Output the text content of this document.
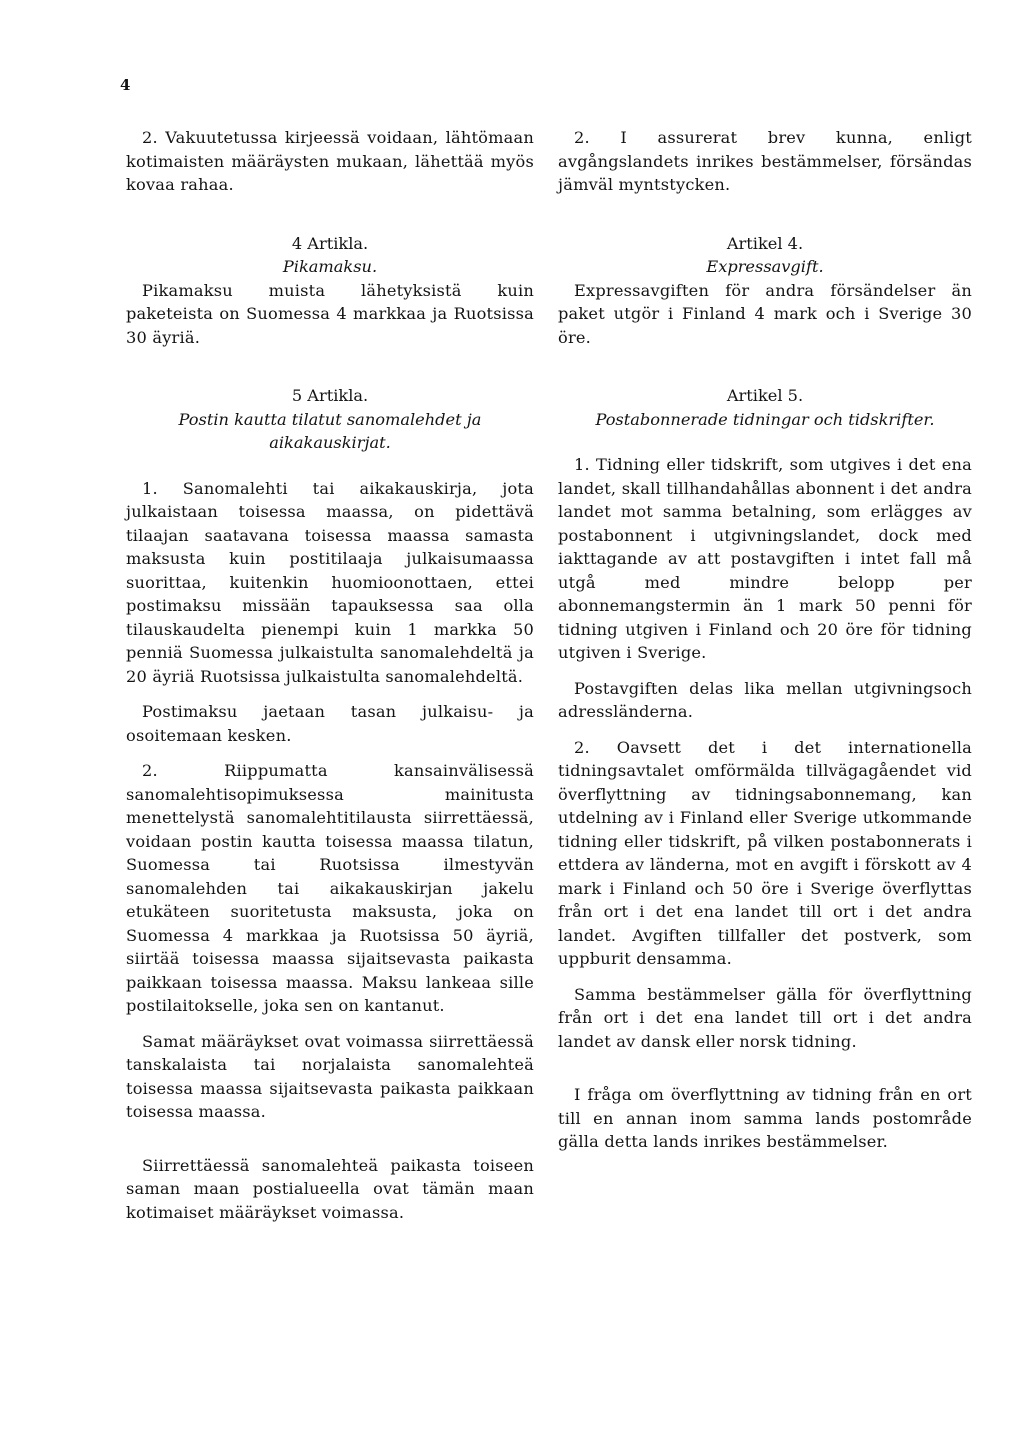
4

2. Vakuutetussa kirjeessä voidaan, lähtömaan kotimaisten määräysten mukaan, lähettää myös kovaa rahaa.

4 Artikla.
Pikamaksu.

Pikamaksu muista lähetyksistä kuin paketeista on Suomessa 4 markkaa ja Ruotsissa 30 äyriä.

5 Artikla.
Postin kautta tilatut sanomalehdet ja aikakauskirjat.

1. Sanomalehti tai aikakauskirja, jota julkaistaan toisessa maassa, on pidettävä tilaajan saatavana toisessa maassa samasta maksusta kuin postitilaaja julkaisumaassa suorittaa, kuitenkin huomioonottaen, ettei postimaksu missään tapauksessa saa olla tilauskaudelta pienempi kuin 1 markka 50 penniä Suomessa julkaistulta sanomalehdeltä ja 20 äyriä Ruotsissa julkaistulta sanomalehdeltä.

Postimaksu jaetaan tasan julkaisu- ja osoitemaan kesken.

2. Riippumatta kansainvälisessä sanomalehtisopimuksessa mainitusta menettelystä sanomalehtitilausta siirrettäessä, voidaan postin kautta toisessa maassa tilatun, Suomessa tai Ruotsissa ilmestyvän sanomalehden tai aikakauskirjan jakelu etukäteen suoritetusta maksusta, joka on Suomessa 4 markkaa ja Ruotsissa 50 äyriä, siirtää toisessa maassa sijaitsevasta paikasta paikkaan toisessa maassa. Maksu lankeaa sille postilaitokselle, joka sen on kantanut.

Samat määräykset ovat voimassa siirrettäessä tanskalaista tai norjalaista sanomalehteä toisessa maassa sijaitsevasta paikasta paikkaan toisessa maassa.

Siirrettäessä sanomalehteä paikasta toiseen saman maan postialueella ovat tämän maan kotimaiset määräykset voimassa.

2. I assurerat brev kunna, enligt avgångslandets inrikes bestämmelser, försändas jämväl myntstycken.

Artikel 4.
Expressavgift.

Expressavgiften för andra försändelser än paket utgör i Finland 4 mark och i Sverige 30 öre.

Artikel 5.
Postabonnerade tidningar och tidskrifter.

1. Tidning eller tidskrift, som utgives i det ena landet, skall tillhandahållas abonnent i det andra landet mot samma betalning, som erlägges av postabonnent i utgivningslandet, dock med iakttagande av att postavgiften i intet fall må utgå med mindre belopp per abonnemangstermin än 1 mark 50 penni för tidning utgiven i Finland och 20 öre för tidning utgiven i Sverige.

Postavgiften delas lika mellan utgivningsoch adressländerna.

2. Oavsett det i det internationella tidningsavtalet omförmälda tillvägagåendet vid överflyttning av tidningsabonnemang, kan utdelning av i Finland eller Sverige utkommande tidning eller tidskrift, på vilken postabonnerats i ettdera av länderna, mot en avgift i förskott av 4 mark i Finland och 50 öre i Sverige överflyttas från ort i det ena landet till ort i det andra landet. Avgiften tillfaller det postverk, som uppburit densamma.

Samma bestämmelser gälla för överflyttning från ort i det ena landet till ort i det andra landet av dansk eller norsk tidning.

I fråga om överflyttning av tidning från en ort till en annan inom samma lands postområde gälla detta lands inrikes bestämmelser.
